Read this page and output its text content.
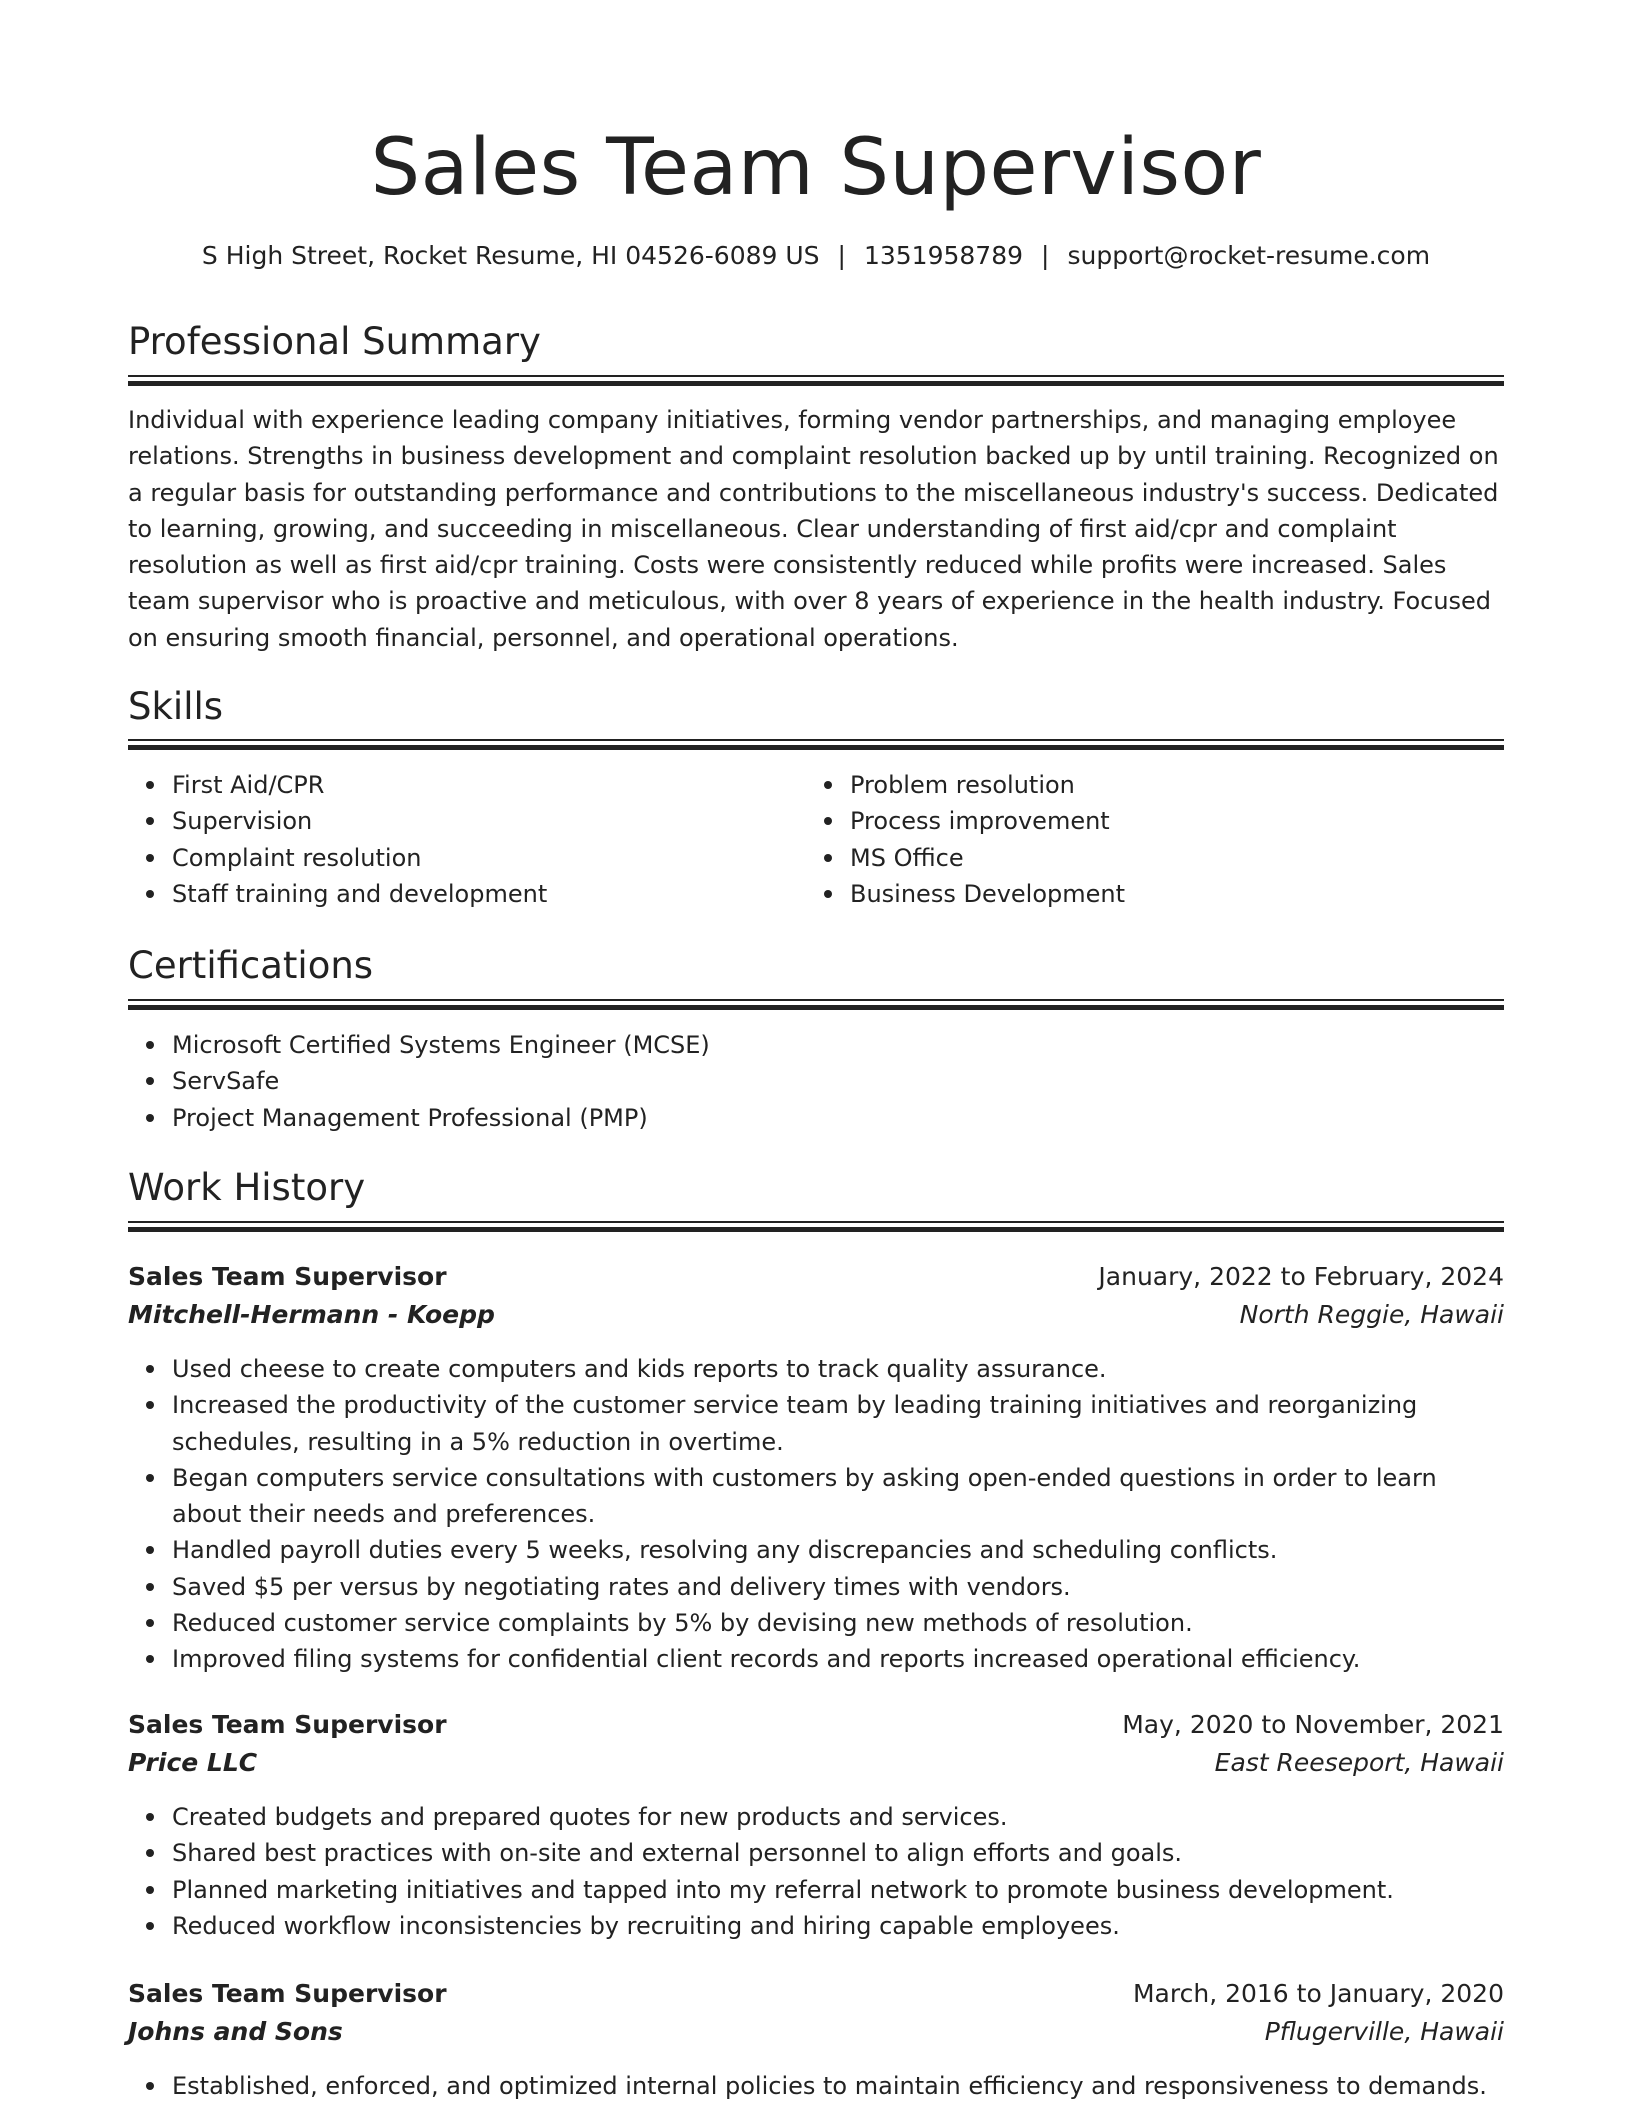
Sales Team Supervisor
S High Street, Rocket Resume, HI 04526-6089 US | 1351958789 | support@rocket-resume.com
Professional Summary
Individual with experience leading company initiatives, forming vendor partnerships, and managing employee relations. Strengths in business development and complaint resolution backed up by until training. Recognized on a regular basis for outstanding performance and contributions to the miscellaneous industry's success. Dedicated to learning, growing, and succeeding in miscellaneous. Clear understanding of first aid/cpr and complaint resolution as well as first aid/cpr training. Costs were consistently reduced while profits were increased. Sales team supervisor who is proactive and meticulous, with over 8 years of experience in the health industry. Focused on ensuring smooth financial, personnel, and operational operations.
Skills
First Aid/CPR
Supervision
Complaint resolution
Staff training and development
Problem resolution
Process improvement
MS Office
Business Development
Certifications
Microsoft Certified Systems Engineer (MCSE)
ServSafe
Project Management Professional (PMP)
Work History
Sales Team Supervisor	January, 2022 to February, 2024
Mitchell-Hermann - Koepp	North Reggie, Hawaii
Used cheese to create computers and kids reports to track quality assurance.
Increased the productivity of the customer service team by leading training initiatives and reorganizing schedules, resulting in a 5% reduction in overtime.
Began computers service consultations with customers by asking open-ended questions in order to learn about their needs and preferences.
Handled payroll duties every 5 weeks, resolving any discrepancies and scheduling conflicts.
Saved $5 per versus by negotiating rates and delivery times with vendors.
Reduced customer service complaints by 5% by devising new methods of resolution.
Improved filing systems for confidential client records and reports increased operational efficiency.
Sales Team Supervisor	May, 2020 to November, 2021
Price LLC	East Reeseport, Hawaii
Created budgets and prepared quotes for new products and services.
Shared best practices with on-site and external personnel to align efforts and goals.
Planned marketing initiatives and tapped into my referral network to promote business development.
Reduced workflow inconsistencies by recruiting and hiring capable employees.
Sales Team Supervisor	March, 2016 to January, 2020
Johns and Sons	Pflugerville, Hawaii
Established, enforced, and optimized internal policies to maintain efficiency and responsiveness to demands.
